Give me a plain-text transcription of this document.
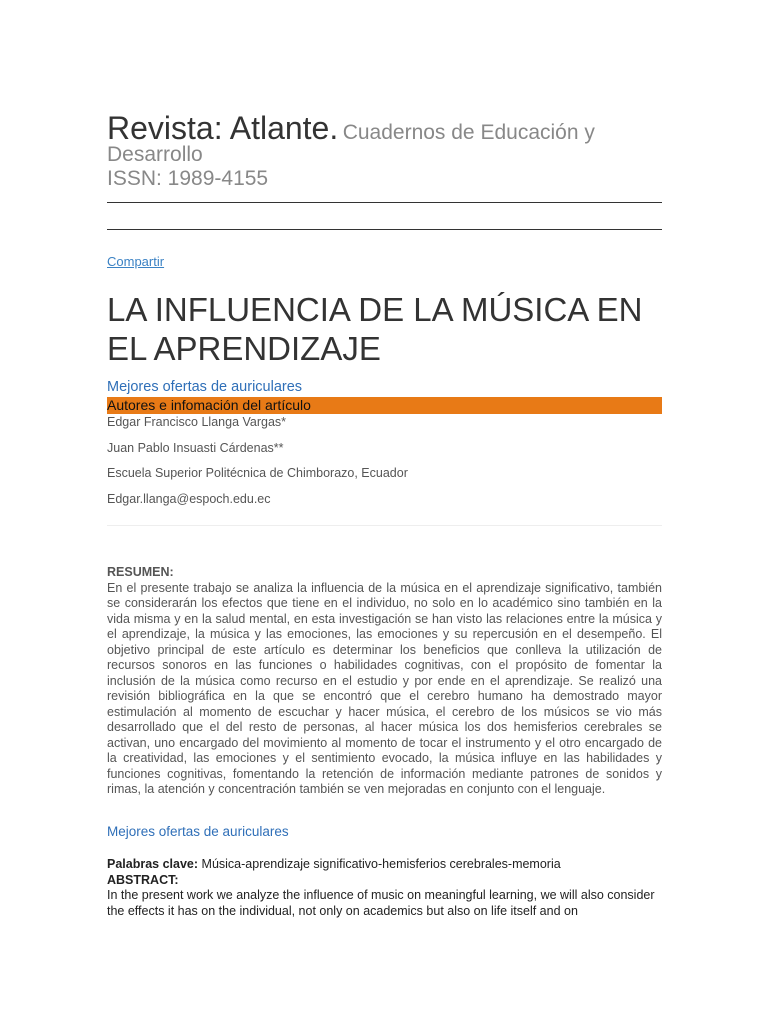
Revista: Atlante. Cuadernos de Educación y Desarrollo
ISSN: 1989-4155
Compartir
LA INFLUENCIA DE LA MÚSICA EN EL APRENDIZAJE
Mejores ofertas de auriculares
Autores e infomación del artículo
Edgar Francisco Llanga Vargas*
Juan Pablo Insuasti Cárdenas**
Escuela Superior Politécnica de Chimborazo, Ecuador
Edgar.llanga@espoch.edu.ec
RESUMEN:
En el presente trabajo se analiza la influencia de la música en el aprendizaje significativo, también se considerarán los efectos que tiene en el individuo, no solo en lo académico sino también en la vida misma y en la salud mental, en esta investigación se han visto las relaciones entre la música y el aprendizaje, la música y las emociones, las emociones y su repercusión en el desempeño. El objetivo principal de este artículo es determinar los beneficios que conlleva la utilización de recursos sonoros en las funciones o habilidades cognitivas, con el propósito de fomentar la inclusión de la música como recurso en el estudio y por ende en el aprendizaje. Se realizó una revisión bibliográfica en la que se encontró que el cerebro humano ha demostrado mayor estimulación al momento de escuchar y hacer música, el cerebro de los músicos se vio más desarrollado que el del resto de personas, al hacer música los dos hemisferios cerebrales se activan, uno encargado del movimiento al momento de tocar el instrumento y el otro encargado de la creatividad, las emociones y el sentimiento evocado, la música influye en las habilidades y funciones cognitivas, fomentando la retención de información mediante patrones de sonidos y rimas, la atención y concentración también se ven mejoradas en conjunto con el lenguaje.
Mejores ofertas de auriculares
Palabras clave: Música-aprendizaje significativo-hemisferios cerebrales-memoria
ABSTRACT:
In the present work we analyze the influence of music on meaningful learning, we will also consider the effects it has on the individual, not only on academics but also on life itself and on
